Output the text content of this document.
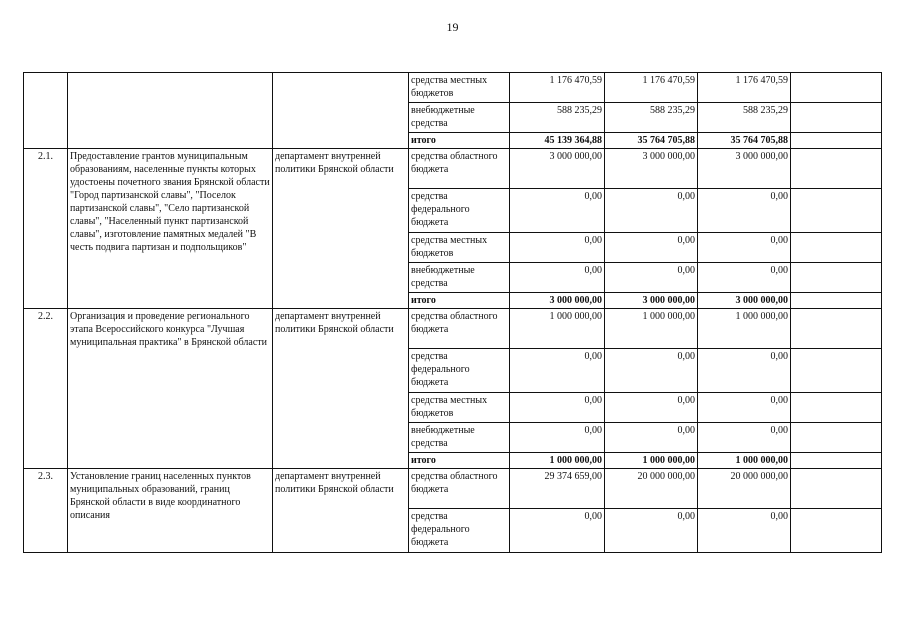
19
			средства местных бюджетов	1 176 470,59	1 176 470,59	1 176 470,59	
			внебюджетные средства	588 235,29	588 235,29	588 235,29	
			итого	45 139 364,88	35 764 705,88	35 764 705,88	
2.1.	Предоставление грантов муниципальным образованиям, населенные пункты которых удостоены почетного звания Брянской области "Город партизанской славы", "Поселок партизанской славы", "Село партизанской славы", "Населенный пункт партизанской славы", изготовление памятных медалей "В честь подвига партизан и подпольщиков"	департамент внутренней политики Брянской области	средства областного бюджета	3 000 000,00	3 000 000,00	3 000 000,00	
			средства федерального бюджета	0,00	0,00	0,00	
			средства местных бюджетов	0,00	0,00	0,00	
			внебюджетные средства	0,00	0,00	0,00	
			итого	3 000 000,00	3 000 000,00	3 000 000,00	
2.2.	Организация и проведение регионального этапа Всероссийского конкурса "Лучшая муниципальная практика" в Брянской области	департамент внутренней политики Брянской области	средства областного бюджета	1 000 000,00	1 000 000,00	1 000 000,00	
			средства федерального бюджета	0,00	0,00	0,00	
			средства местных бюджетов	0,00	0,00	0,00	
			внебюджетные средства	0,00	0,00	0,00	
			итого	1 000 000,00	1 000 000,00	1 000 000,00	
2.3.	Установление границ населенных пунктов муниципальных образований, границ Брянской области в виде координатного описания	департамент внутренней политики Брянской области	средства областного бюджета	29 374 659,00	20 000 000,00	20 000 000,00	
			средства федерального бюджета	0,00	0,00	0,00	
